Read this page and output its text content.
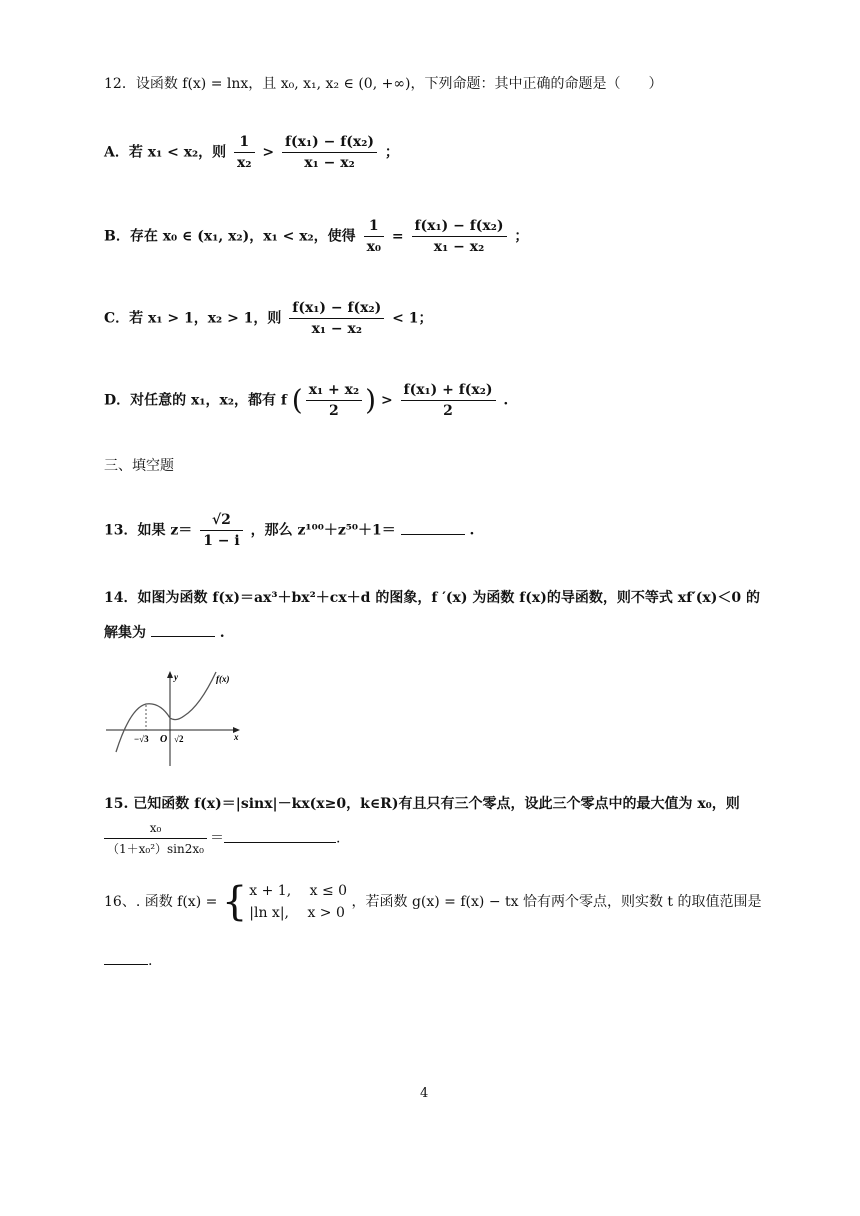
12．设函数 f(x) = lnx，且 x₀, x₁, x₂ ∈ (0, +∞)，下列命题：其中正确的命题是（　　）
A．若 x₁ < x₂，则 $\frac{1}{\text{x₂}} > \frac{\text{f(x₁) − f(x₂)}}{\text{x₁ − x₂}}$ ；
B．存在 x₀ ∈ (x₁, x₂)，x₁ < x₂，使得 $\frac{1}{\text{x₀}} = \frac{\text{f(x₁) − f(x₂)}}{\text{x₁ − x₂}}$ ；
C．若 x₁ > 1，x₂ > 1，则 $\frac{\text{f(x₁) − f(x₂)}}{\text{x₁ − x₂}} < 1$；
D．对任意的 x₁，x₂，都有 f ( $\frac{\text{x₁ + x₂}}{2}$ ) > $\frac{\text{f(x₁) + f(x₂)}}{2}$ .
三、填空题
13．如果 $z= \frac{√2}{1 - i}$ ，那么 z¹⁰⁰＋z⁵⁰＋1＝	.
14．如图为函数 f(x)＝ax³＋bx²＋cx＋d 的图象，f ′(x) 为函数 f(x)的导函数，则不等式 xf′(x)＜0 的
解集为	.
y
x
f(x)
O
−√3	√2
15. 已知函数 f(x)＝|sinx|－kx(x≥0，k∈R)有且只有三个零点，设此三个零点中的最大值为 x₀，则
$\frac{\text{x₀}}{\text{（1＋x₀²）sin2x₀}}$ ＝	.
16、. 函数 f(x) = { x + 1,　 x ≤ 0
|ln x|,　 x > 0
，若函数 g(x) = f(x) − tx 恰有两个零点，则实数 t 的取值范围是
.
4
